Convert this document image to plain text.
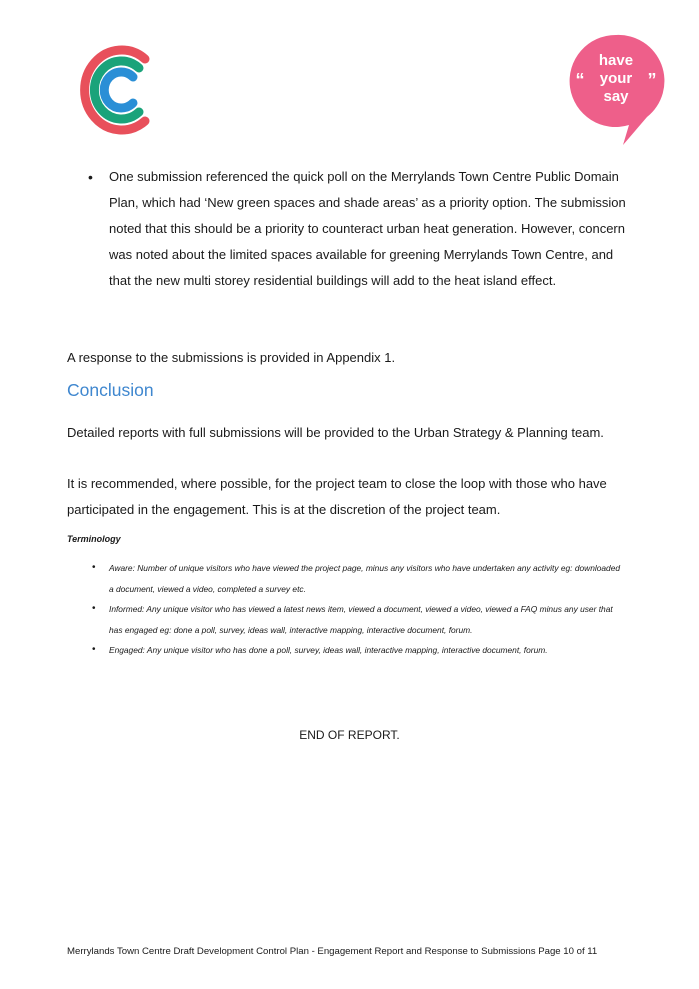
have
your
say
“	”
• One submission referenced the quick poll on the Merrylands Town Centre Public Domain Plan, which had ‘New green spaces and shade areas’ as a priority option. The submission noted that this should be a priority to counteract urban heat generation. However, concern was noted about the limited spaces available for greening Merrylands Town Centre, and that the new multi storey residential buildings will add to the heat island effect.

A response to the submissions is provided in Appendix 1.

Conclusion

Detailed reports with full submissions will be provided to the Urban Strategy & Planning team.

It is recommended, where possible, for the project team to close the loop with those who have participated in the engagement. This is at the discretion of the project team.

Terminology

• Aware: Number of unique visitors who have viewed the project page, minus any visitors who have undertaken any activity eg: downloaded a document, viewed a video, completed a survey etc.
• Informed: Any unique visitor who has viewed a latest news item, viewed a document, viewed a video, viewed a FAQ minus any user that has engaged eg: done a poll, survey, ideas wall, interactive mapping, interactive document, forum.
• Engaged: Any unique visitor who has done a poll, survey, ideas wall, interactive mapping, interactive document, forum.
END OF REPORT.
Merrylands Town Centre Draft Development Control Plan - Engagement Report and Response to Submissions Page 10 of 11
